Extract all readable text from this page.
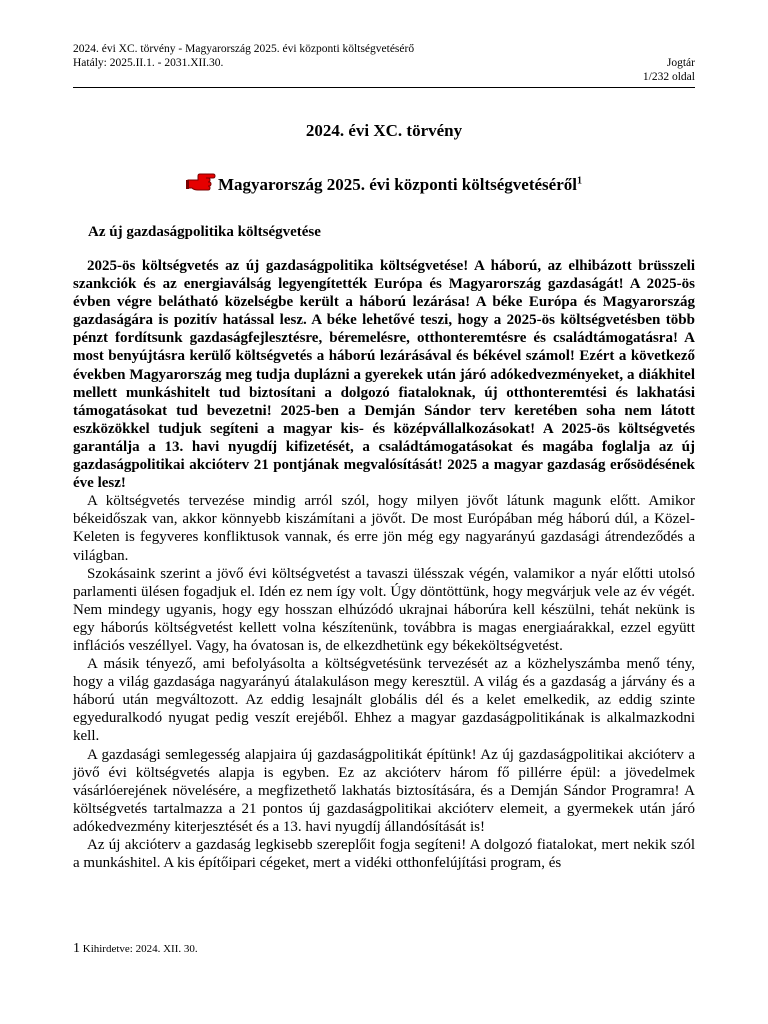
2024. évi XC. törvény - Magyarország 2025. évi központi költségvetésérő
Hatály: 2025.II.1. - 2031.XII.30.	Jogtár
1/232 oldal
2024. évi XC. törvény
Magyarország 2025. évi központi költségvetéséről$^1$
Az új gazdaságpolitika költségvetése

2025-ös költségvetés az új gazdaságpolitika költségvetése! A háború, az elhibázott brüsszeli szankciók és az energiaválság legyengítették Európa és Magyarország gazdaságát! A 2025-ös évben végre belátható közelségbe került a háború lezárása! A béke Európa és Magyarország gazdaságára is pozitív hatással lesz. A béke lehetővé teszi, hogy a 2025-ös költségvetésben több pénzt fordítsunk gazdaságfejlesztésre, béremelésre, otthonteremtésre és családtámogatásra! A most benyújtásra kerülő költségvetés a háború lezárásával és békével számol! Ezért a következő években Magyarország meg tudja duplázni a gyerekek után járó adókedvezményeket, a diákhitel mellett munkáshitelt tud biztosítani a dolgozó fiataloknak, új otthonteremtési és lakhatási támogatásokat tud bevezetni! 2025-ben a Demján Sándor terv keretében soha nem látott eszközökkel tudjuk segíteni a magyar kis- és középvállalkozásokat! A 2025-ös költségvetés garantálja a 13. havi nyugdíj kifizetését, a családtámogatásokat és magába foglalja az új gazdaságpolitikai akcióterv 21 pontjának megvalósítását! 2025 a magyar gazdaság erősödésének éve lesz!

A költségvetés tervezése mindig arról szól, hogy milyen jövőt látunk magunk előtt. Amikor békeidőszak van, akkor könnyebb kiszámítani a jövőt. De most Európában még háború dúl, a Közel-Keleten is fegyveres konfliktusok vannak, és erre jön még egy nagyarányú gazdasági átrendeződés a világban.

Szokásaink szerint a jövő évi költségvetést a tavaszi ülésszak végén, valamikor a nyár előtti utolsó parlamenti ülésen fogadjuk el. Idén ez nem így volt. Úgy döntöttünk, hogy megvárjuk vele az év végét. Nem mindegy ugyanis, hogy egy hosszan elhúzódó ukrajnai háborúra kell készülni, tehát nekünk is egy háborús költségvetést kellett volna készítenünk, továbbra is magas energiaárakkal, ezzel együtt inflációs veszéllyel. Vagy, ha óvatosan is, de elkezdhetünk egy békeköltségvetést.

A másik tényező, ami befolyásolta a költségvetésünk tervezését az a közhelyszámba menő tény, hogy a világ gazdasága nagyarányú átalakuláson megy keresztül. A világ és a gazdaság a járvány és a háború után megváltozott. Az eddig lesajnált globális dél és a kelet emelkedik, az eddig szinte egyeduralkodó nyugat pedig veszít erejéből. Ehhez a magyar gazdaságpolitikának is alkalmazkodni kell.

A gazdasági semlegesség alapjaira új gazdaságpolitikát építünk! Az új gazdaságpolitikai akcióterv a jövő évi költségvetés alapja is egyben. Ez az akcióterv három fő pillérre épül: a jövedelmek vásárlóerejének növelésére, a megfizethető lakhatás biztosítására, és a Demján Sándor Programra! A költségvetés tartalmazza a 21 pontos új gazdaságpolitikai akcióterv elemeit, a gyermekek után járó adókedvezmény kiterjesztését és a 13. havi nyugdíj állandósítását is!

Az új akcióterv a gazdaság legkisebb szereplőit fogja segíteni! A dolgozó fiatalokat, mert nekik szól a munkáshitel. A kis építőipari cégeket, mert a vidéki otthonfelújítási program, és

1 Kihirdetve: 2024. XII. 30.
